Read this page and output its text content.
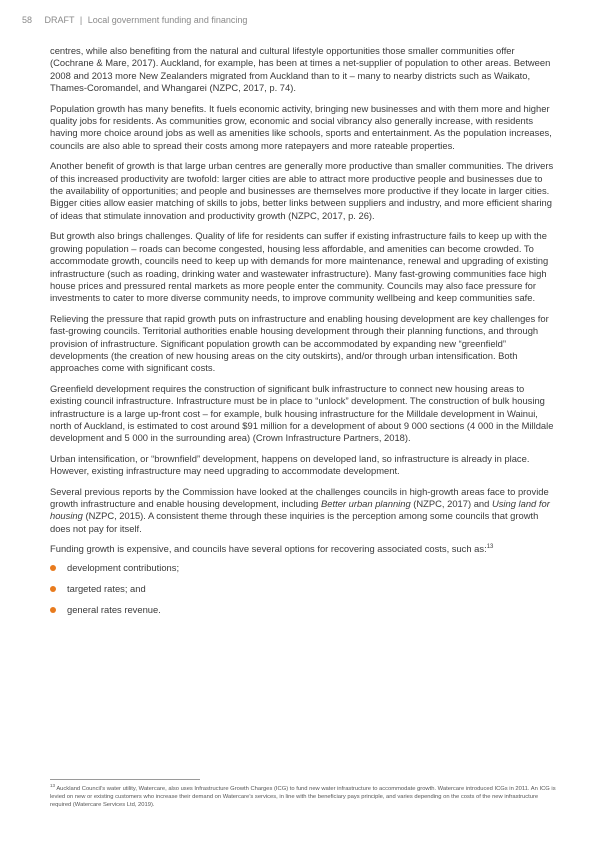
58 DRAFT | Local government funding and financing

centres, while also benefiting from the natural and cultural lifestyle opportunities those smaller communities offer (Cochrane & Mare, 2017). Auckland, for example, has been at times a net-supplier of population to other areas. Between 2008 and 2013 more New Zealanders migrated from Auckland than to it – many to nearby districts such as Waikato, Thames-Coromandel, and Whangarei (NZPC, 2017, p. 74).

Population growth has many benefits. It fuels economic activity, bringing new businesses and with them more and higher quality jobs for residents. As communities grow, economic and social vibrancy also generally increase, with residents having more choice around jobs as well as amenities like schools, sports and entertainment. As the population increases, councils are also able to spread their costs among more ratepayers and more rateable properties.

Another benefit of growth is that large urban centres are generally more productive than smaller communities. The drivers of this increased productivity are twofold: larger cities are able to attract more productive people and businesses due to the availability of opportunities; and people and businesses are themselves more productive if they locate in larger cities. Bigger cities allow easier matching of skills to jobs, better links between suppliers and industry, and more efficient sharing of ideas that stimulate innovation and productivity growth (NZPC, 2017, p. 26).

But growth also brings challenges. Quality of life for residents can suffer if existing infrastructure fails to keep up with the growing population – roads can become congested, housing less affordable, and amenities can become crowded. To accommodate growth, councils need to keep up with demands for more maintenance, renewal and upgrading of existing infrastructure (such as roading, drinking water and wastewater infrastructure). Many fast-growing communities face high house prices and pressured rental markets as more people enter the community. Councils may also face pressure for investments to cater to more diverse community needs, to improve community wellbeing and keep communities safe.

Relieving the pressure that rapid growth puts on infrastructure and enabling housing development are key challenges for fast-growing councils. Territorial authorities enable housing development through their planning functions, and through provision of infrastructure. Significant population growth can be accommodated by expanding new “greenfield” developments (the creation of new housing areas on the city outskirts), and/or through urban intensification. Both approaches come with significant costs.

Greenfield development requires the construction of significant bulk infrastructure to connect new housing areas to existing council infrastructure. Infrastructure must be in place to “unlock” development. The construction of bulk housing infrastructure is a large up-front cost – for example, bulk housing infrastructure for the Milldale development in Wainui, north of Auckland, is estimated to cost around $91 million for a development of about 9 000 sections (4 000 in the Milldale development and 5 000 in the surrounding area) (Crown Infrastructure Partners, 2018).

Urban intensification, or “brownfield” development, happens on developed land, so infrastructure is already in place. However, existing infrastructure may need upgrading to accommodate development.

Several previous reports by the Commission have looked at the challenges councils in high-growth areas face to provide growth infrastructure and enable housing development, including Better urban planning (NZPC, 2017) and Using land for housing (NZPC, 2015). A consistent theme through these inquiries is the perception among some councils that growth does not pay for itself.

Funding growth is expensive, and councils have several options for recovering associated costs, such as:$^{13}$

development contributions;
targeted rates; and
general rates revenue.
$^{13}$ Auckland Council’s water utility, Watercare, also uses Infrastructure Growth Charges (ICG) to fund new water infrastructure to accommodate growth. Watercare introduced ICGs in 2011. An ICG is levied on new or existing customers who increase their demand on Watercare’s services, in line with the beneficiary pays principle, and varies depending on the costs of the new infrastructure required (Watercare Services Ltd, 2019).
